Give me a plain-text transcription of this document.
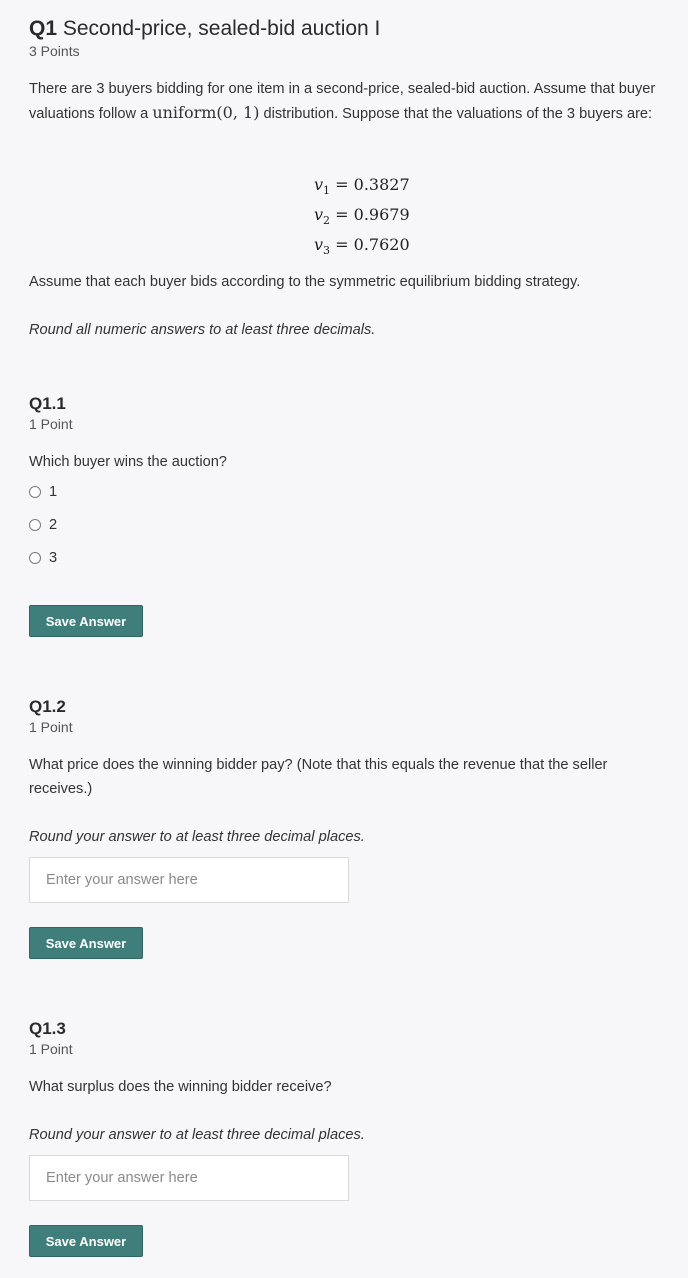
Q1 Second-price, sealed-bid auction I
3 Points
There are 3 buyers bidding for one item in a second-price, sealed-bid auction. Assume that buyer valuations follow a uniform(0, 1) distribution. Suppose that the valuations of the 3 buyers are:
$v_1 = 0.3827$
$v_2 = 0.9679$
$v_3 = 0.7620$
Assume that each buyer bids according to the symmetric equilibrium bidding strategy.
Round all numeric answers to at least three decimals.
Q1.1
1 Point
Which buyer wins the auction?
1
2
3
Save Answer
Q1.2
1 Point
What price does the winning bidder pay? (Note that this equals the revenue that the seller receives.)
Round your answer to at least three decimal places.
Enter your answer here
Save Answer
Q1.3
1 Point
What surplus does the winning bidder receive?
Round your answer to at least three decimal places.
Enter your answer here
Save Answer
